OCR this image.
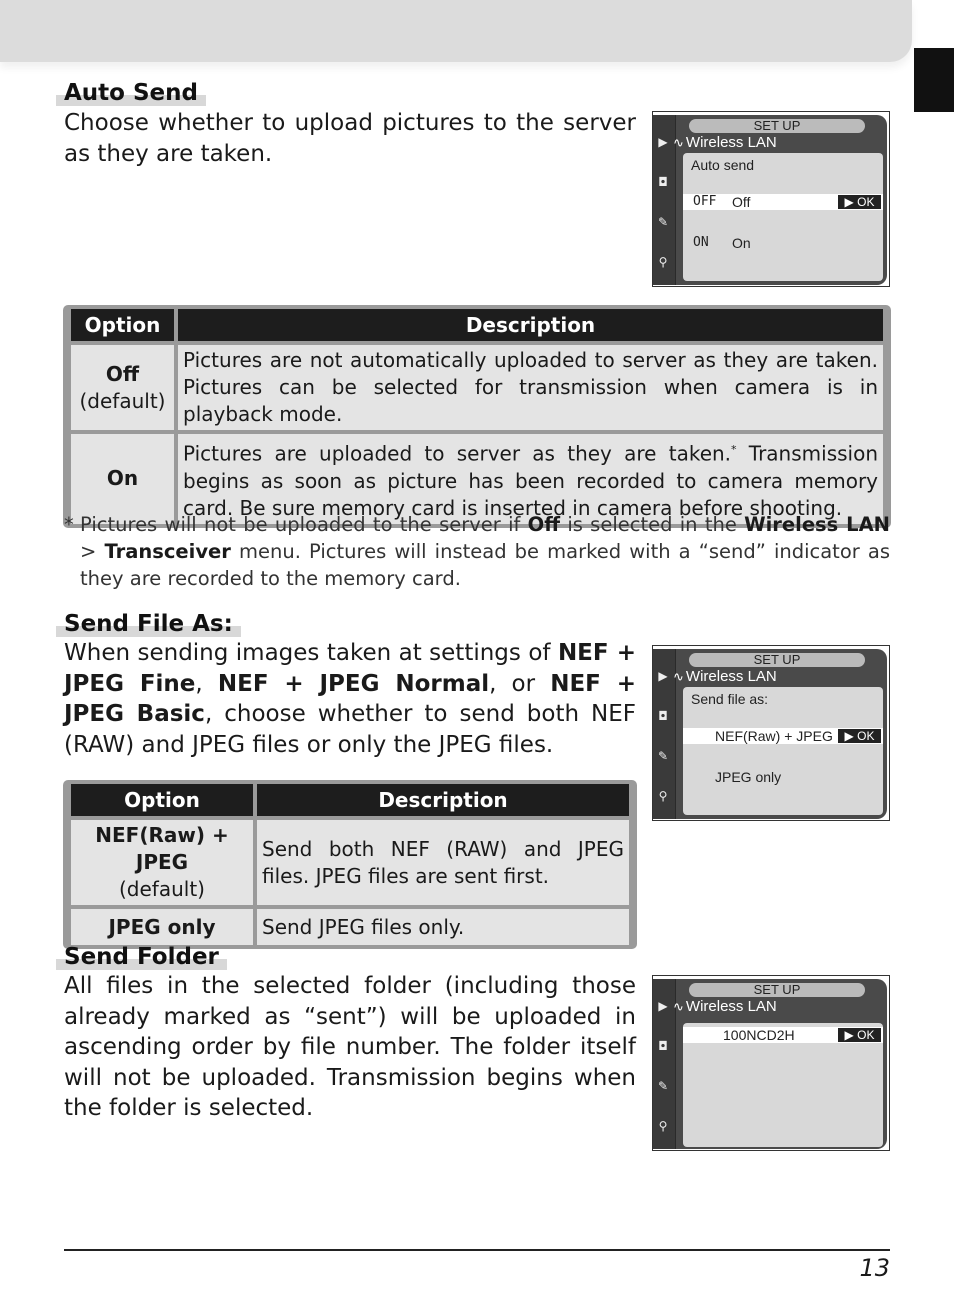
Auto Send
Choose whether to upload pictures to the server as they are taken.	▶
◘
✎
⚲
SET UP
∿ Wireless LAN
Auto send
OFF Off	▶ OK
ON On
Option	Description

Off
(default)	Pictures are not automatically uploaded to server as they are taken. Pictures can be selected for transmission when camera is in playback mode.

On	Pictures are uploaded to server as they are taken.* Transmission begins as soon as picture has been recorded to camera memory card. Be sure memory card is inserted in camera before shooting.
* Pictures will not be uploaded to the server if Off is selected in the Wireless LAN > Transceiver menu. Pictures will instead be marked with a “send” indicator as they are recorded to the memory card.
Send File As:
When sending images taken at settings of NEF + JPEG Fine, NEF + JPEG Normal, or NEF + JPEG Basic, choose whether to send both NEF (RAW) and JPEG files or only the JPEG files.
▶
◘
✎
⚲
SET UP
∿ Wireless LAN
Send file as:
NEF(Raw) + JPEG ▶ OK
JPEG only
Option	Description

NEF(Raw) + JPEG
(default)	Send both NEF (RAW) and JPEG files. JPEG files are sent first.

JPEG only	Send JPEG files only.
Send Folder
All files in the selected folder (including those already marked as “sent”) will be uploaded in ascending order by file number. The folder itself will not be uploaded. Transmission begins when the folder is selected.
▶
◘
✎
⚲
SET UP
∿ Wireless LAN
100NCD2H	▶ OK
13
